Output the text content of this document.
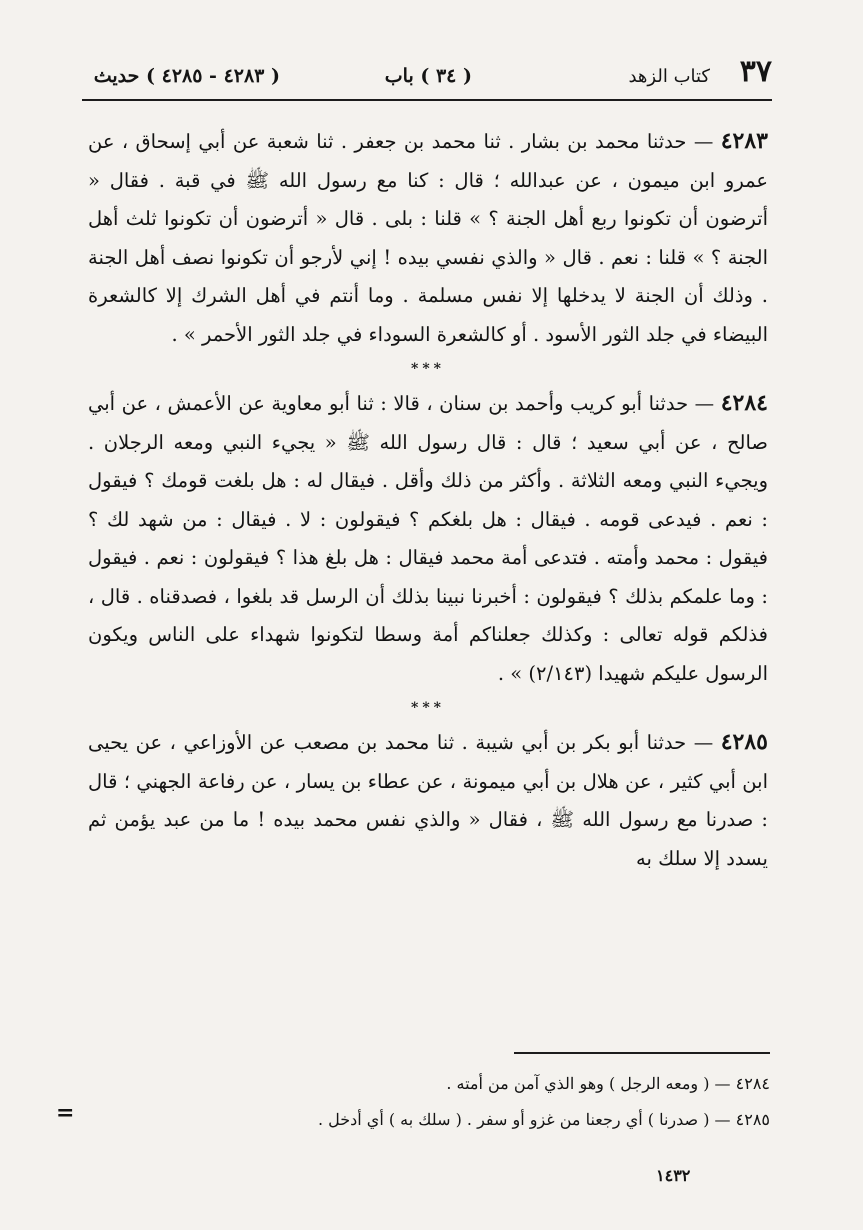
٣٧
كتاب الزهد
( ٣٤ ) باب
( ٤٢٨٣ - ٤٢٨٥ ) حديث

٤٢٨٣ — حدثنا محمد بن بشار . ثنا محمد بن جعفر . ثنا شعبة عن أبي إسحاق ، عن عمرو ابن ميمون ، عن عبدالله ؛ قال : كنا مع رسول الله ﷺ في قبة . فقال « أترضون أن تكونوا ربع أهل الجنة ؟ » قلنا : بلى . قال « أترضون أن تكونوا ثلث أهل الجنة ؟ » قلنا : نعم . قال « والذي نفسي بيده ! إني لأرجو أن تكونوا نصف أهل الجنة . وذلك أن الجنة لا يدخلها إلا نفس مسلمة . وما أنتم في أهل الشرك إلا كالشعرة البيضاء في جلد الثور الأسود . أو كالشعرة السوداء في جلد الثور الأحمر » .

***

٤٢٨٤ — حدثنا أبو كريب وأحمد بن سنان ، قالا : ثنا أبو معاوية عن الأعمش ، عن أبي صالح ، عن أبي سعيد ؛ قال : قال رسول الله ﷺ « يجيء النبي ومعه الرجلان . ويجيء النبي ومعه الثلاثة . وأكثر من ذلك وأقل . فيقال له : هل بلغت قومك ؟ فيقول : نعم . فيدعى قومه . فيقال : هل بلغكم ؟ فيقولون : لا . فيقال : من شهد لك ؟ فيقول : محمد وأمته . فتدعى أمة محمد فيقال : هل بلغ هذا ؟ فيقولون : نعم . فيقول : وما علمكم بذلك ؟ فيقولون : أخبرنا نبينا بذلك أن الرسل قد بلغوا ، فصدقناه . قال ، فذلكم قوله تعالى : وكذلك جعلناكم أمة وسطا لتكونوا شهداء على الناس ويكون الرسول عليكم شهيدا (٢/١٤٣) » .

***

٤٢٨٥ — حدثنا أبو بكر بن أبي شيبة . ثنا محمد بن مصعب عن الأوزاعي ، عن يحيى ابن أبي كثير ، عن هلال بن أبي ميمونة ، عن عطاء بن يسار ، عن رفاعة الجهني ؛ قال : صدرنا مع رسول الله ﷺ ، فقال « والذي نفس محمد بيده ! ما من عبد يؤمن ثم يسدد إلا سلك به

٤٢٨٤ — ( ومعه الرجل ) وهو الذي آمن من أمته .

٤٢٨٥ — ( صدرنا ) أي رجعنا من غزو أو سفر . ( سلك به ) أي أدخل .

=
١٤٣٢
